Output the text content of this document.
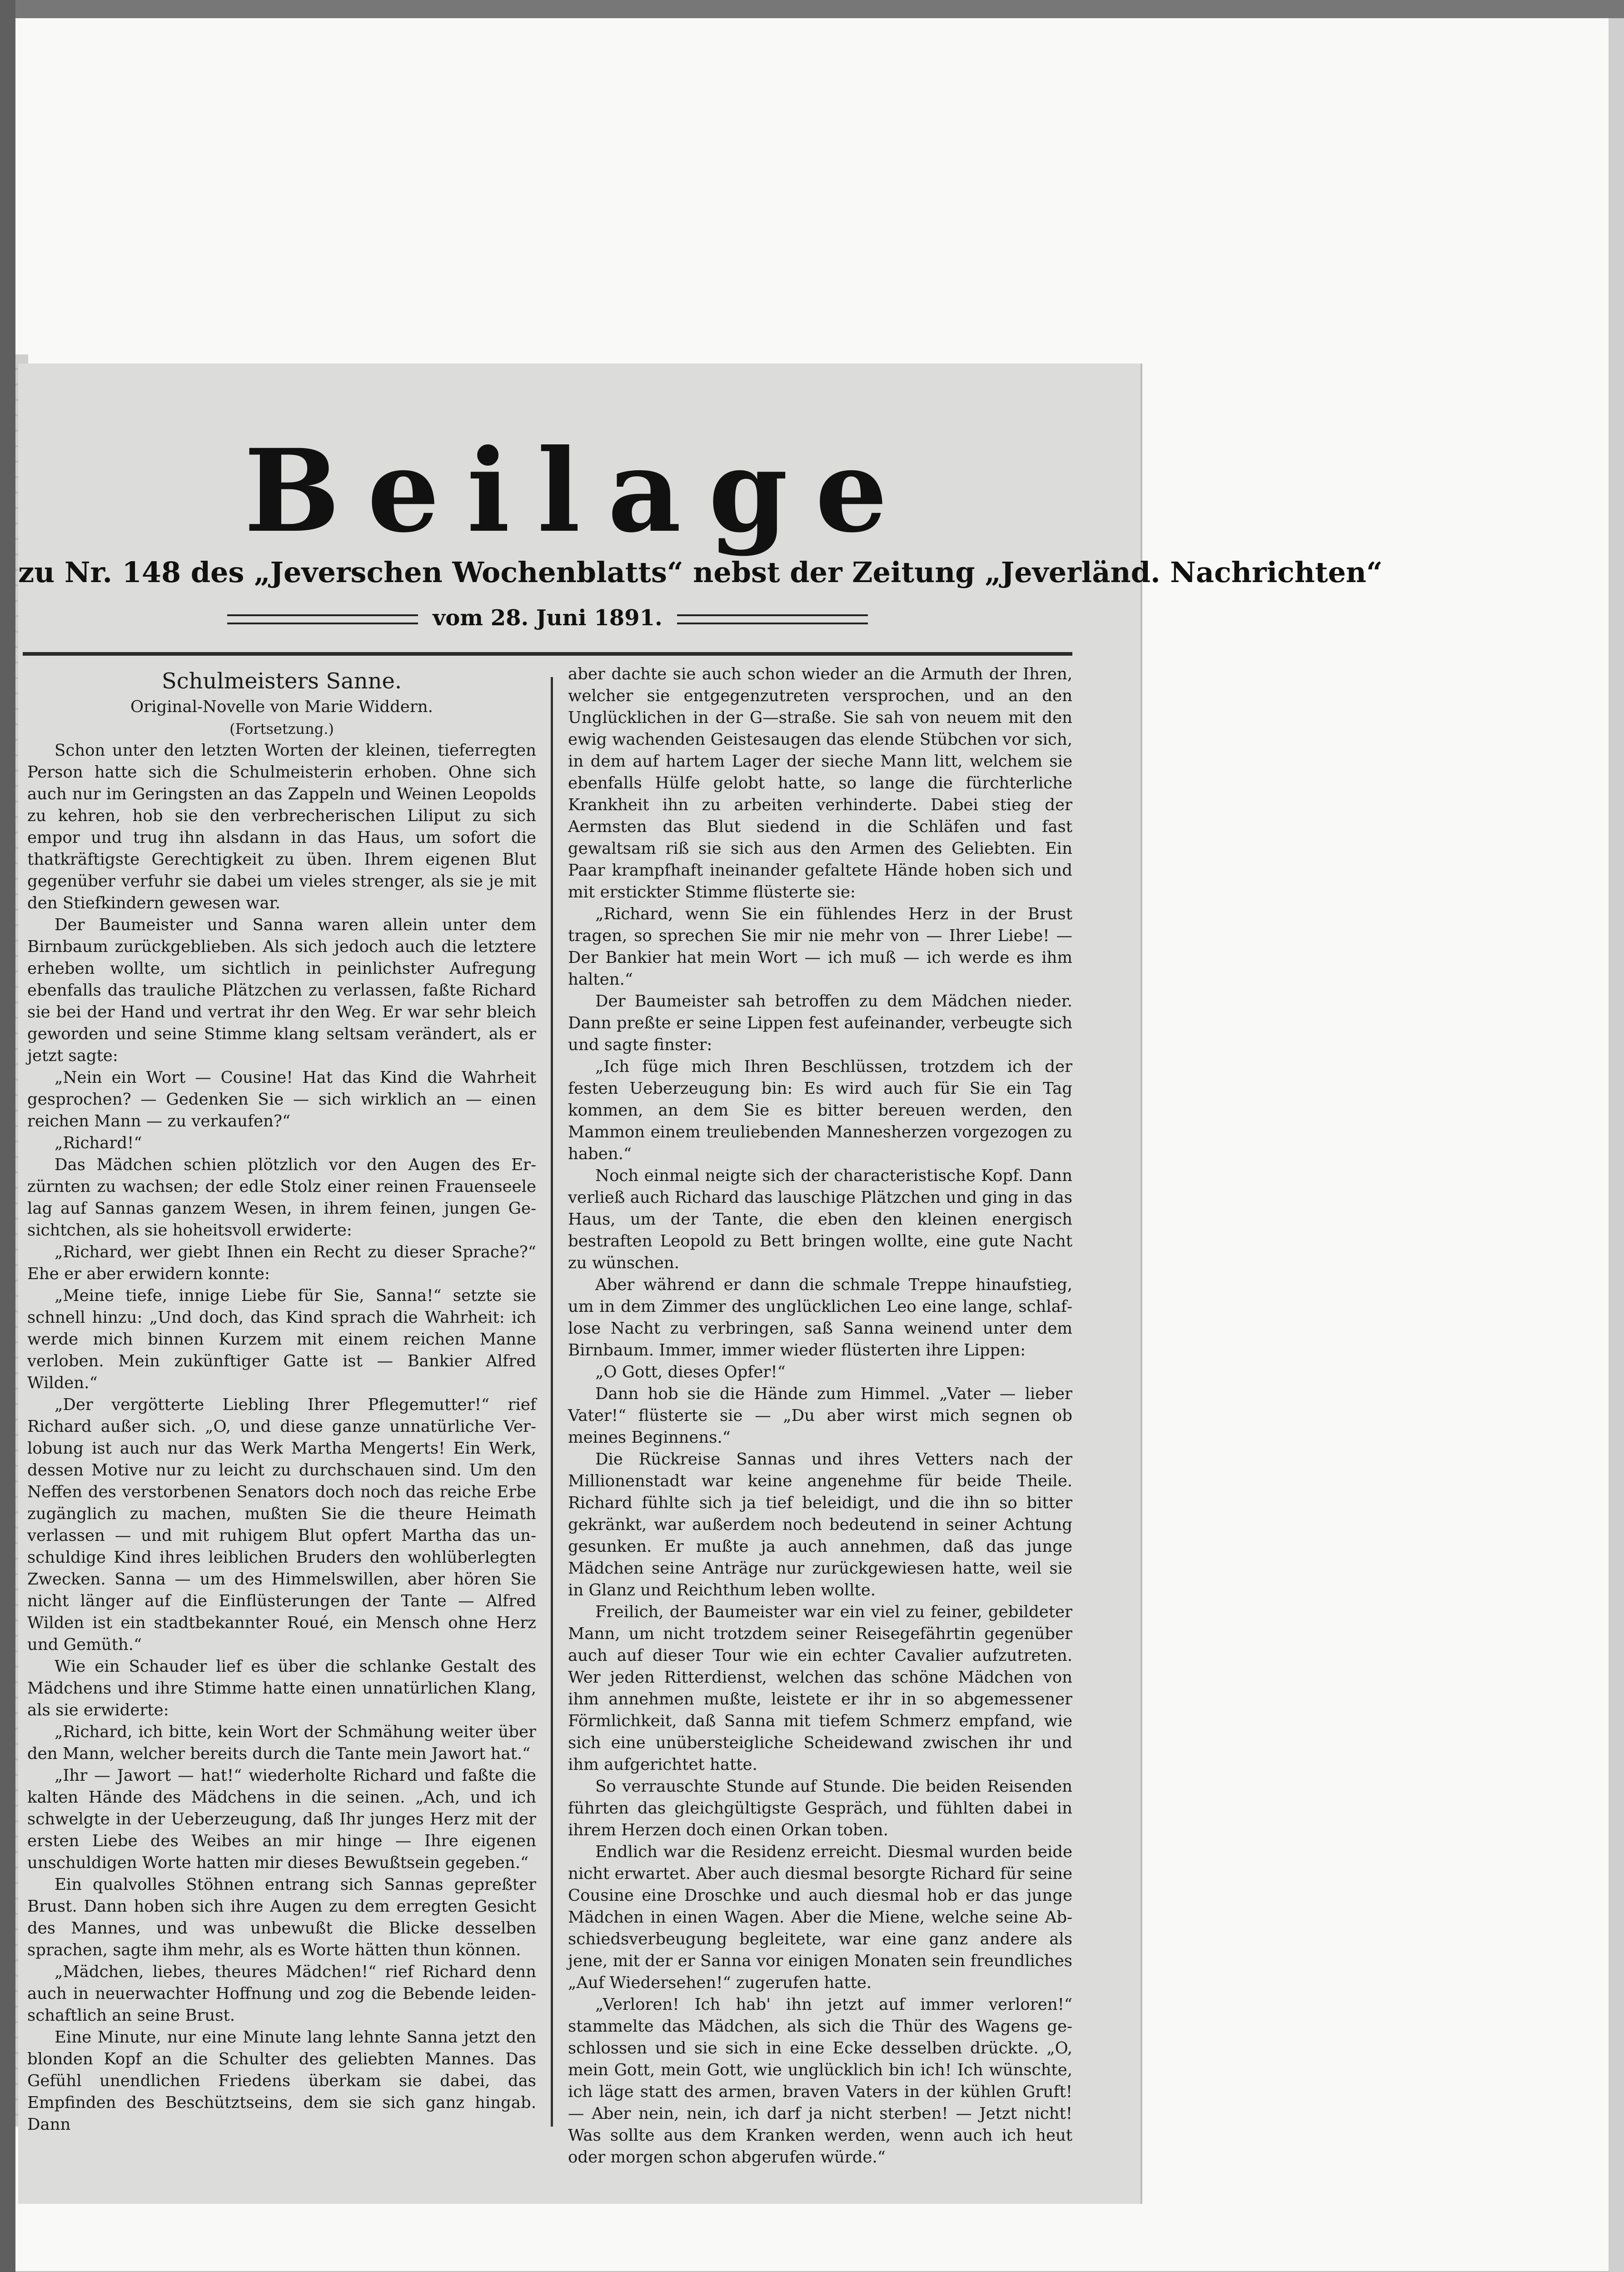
Beilage
zu Nr. 148 des „Jeverschen Wochenblatts“ nebst der Zeitung „Jeverländ. Nachrichten“
vom 28. Juni 1891.
Schulmeisters Sanne.
Original-Novelle von Marie Widdern.
(Fortsetzung.)

Schon unter den letzten Worten der kleinen, tieferregten Person hatte sich die Schulmeisterin erhoben. Ohne sich auch nur im Geringsten an das Zappeln und Weinen Leopolds zu kehren, hob sie den verbrecherischen Liliput zu sich empor und trug ihn alsdann in das Haus, um sofort die thatkräftigste Gerechtigkeit zu üben. Ihrem eigenen Blut gegenüber verfuhr sie dabei um vieles strenger, als sie je mit den Stiefkindern gewesen war.

Der Baumeister und Sanna waren allein unter dem Birnbaum zurückgeblieben. Als sich jedoch auch die letztere erheben wollte, um sichtlich in peinlichster Aufregung ebenfalls das trauliche Plätzchen zu verlassen, faßte Richard sie bei der Hand und vertrat ihr den Weg. Er war sehr bleich geworden und seine Stimme klang seltsam verändert, als er jetzt sagte:

„Nein ein Wort — Cousine! Hat das Kind die Wahrheit gesprochen? — Gedenken Sie — sich wirklich an — einen reichen Mann — zu verkaufen?“

„Richard!“

Das Mädchen schien plötzlich vor den Augen des Erzürnten zu wachsen; der edle Stolz einer reinen Frauenseele lag auf Sannas ganzem Wesen, in ihrem feinen, jungen Gesichtchen, als sie hoheitsvoll erwiderte:

„Richard, wer giebt Ihnen ein Recht zu dieser Sprache?“ Ehe er aber erwidern konnte:

„Meine tiefe, innige Liebe für Sie, Sanna!“ setzte sie schnell hinzu: „Und doch, das Kind sprach die Wahrheit: ich werde mich binnen Kurzem mit einem reichen Manne verloben. Mein zukünftiger Gatte ist — Bankier Alfred Wilden.“

„Der vergötterte Liebling Ihrer Pflegemutter!“ rief Richard außer sich. „O, und diese ganze unnatürliche Verlobung ist auch nur das Werk Martha Mengerts! Ein Werk, dessen Motive nur zu leicht zu durchschauen sind. Um den Neffen des verstorbenen Senators doch noch das reiche Erbe zugänglich zu machen, mußten Sie die theure Heimath verlassen — und mit ruhigem Blut opfert Martha das unschuldige Kind ihres leiblichen Bruders den wohlüberlegten Zwecken. Sanna — um des Himmelswillen, aber hören Sie nicht länger auf die Einflüsterungen der Tante — Alfred Wilden ist ein stadtbekannter Roué, ein Mensch ohne Herz und Gemüth.“

Wie ein Schauder lief es über die schlanke Gestalt des Mädchens und ihre Stimme hatte einen unnatürlichen Klang, als sie erwiderte:

„Richard, ich bitte, kein Wort der Schmähung weiter über den Mann, welcher bereits durch die Tante mein Jawort hat.“

„Ihr — Jawort — hat!“ wiederholte Richard und faßte die kalten Hände des Mädchens in die seinen. „Ach, und ich schwelgte in der Ueberzeugung, daß Ihr junges Herz mit der ersten Liebe des Weibes an mir hinge — Ihre eigenen unschuldigen Worte hatten mir dieses Bewußtsein gegeben.“

Ein qualvolles Stöhnen entrang sich Sannas gepreßter Brust. Dann hoben sich ihre Augen zu dem erregten Gesicht des Mannes, und was unbewußt die Blicke desselben sprachen, sagte ihm mehr, als es Worte hätten thun können.

„Mädchen, liebes, theures Mädchen!“ rief Richard denn auch in neuerwachter Hoffnung und zog die Bebende leidenschaftlich an seine Brust.

Eine Minute, nur eine Minute lang lehnte Sanna jetzt den blonden Kopf an die Schulter des geliebten Mannes. Das Gefühl unendlichen Friedens überkam sie dabei, das Empfinden des Beschütztseins, dem sie sich ganz hingab. Dann

aber dachte sie auch schon wieder an die Armuth der Ihren, welcher sie entgegenzutreten versprochen, und an den Unglücklichen in der G—straße. Sie sah von neuem mit den ewig wachenden Geistesaugen das elende Stübchen vor sich, in dem auf hartem Lager der sieche Mann litt, welchem sie ebenfalls Hülfe gelobt hatte, so lange die fürchterliche Krankheit ihn zu arbeiten verhinderte. Dabei stieg der Aermsten das Blut siedend in die Schläfen und fast gewaltsam riß sie sich aus den Armen des Geliebten. Ein Paar krampfhaft ineinander gefaltete Hände hoben sich und mit erstickter Stimme flüsterte sie:

„Richard, wenn Sie ein fühlendes Herz in der Brust tragen, so sprechen Sie mir nie mehr von — Ihrer Liebe! — Der Bankier hat mein Wort — ich muß — ich werde es ihm halten.“

Der Baumeister sah betroffen zu dem Mädchen nieder. Dann preßte er seine Lippen fest aufeinander, verbeugte sich und sagte finster:

„Ich füge mich Ihren Beschlüssen, trotzdem ich der festen Ueberzeugung bin: Es wird auch für Sie ein Tag kommen, an dem Sie es bitter bereuen werden, den Mammon einem treuliebenden Mannesherzen vorgezogen zu haben.“

Noch einmal neigte sich der characteristische Kopf. Dann verließ auch Richard das lauschige Plätzchen und ging in das Haus, um der Tante, die eben den kleinen energisch bestraften Leopold zu Bett bringen wollte, eine gute Nacht zu wünschen.

Aber während er dann die schmale Treppe hinaufstieg, um in dem Zimmer des unglücklichen Leo eine lange, schlaflose Nacht zu verbringen, saß Sanna weinend unter dem Birnbaum. Immer, immer wieder flüsterten ihre Lippen:

„O Gott, dieses Opfer!“

Dann hob sie die Hände zum Himmel. „Vater — lieber Vater!“ flüsterte sie — „Du aber wirst mich segnen ob meines Beginnens.“

Die Rückreise Sannas und ihres Vetters nach der Millionenstadt war keine angenehme für beide Theile. Richard fühlte sich ja tief beleidigt, und die ihn so bitter gekränkt, war außerdem noch bedeutend in seiner Achtung gesunken. Er mußte ja auch annehmen, daß das junge Mädchen seine Anträge nur zurückgewiesen hatte, weil sie in Glanz und Reichthum leben wollte.

Freilich, der Baumeister war ein viel zu feiner, gebildeter Mann, um nicht trotzdem seiner Reisegefährtin gegenüber auch auf dieser Tour wie ein echter Cavalier aufzutreten. Wer jeden Ritterdienst, welchen das schöne Mädchen von ihm annehmen mußte, leistete er ihr in so abgemessener Förmlichkeit, daß Sanna mit tiefem Schmerz empfand, wie sich eine unübersteigliche Scheidewand zwischen ihr und ihm aufgerichtet hatte.

So verrauschte Stunde auf Stunde. Die beiden Reisenden führten das gleichgültigste Gespräch, und fühlten dabei in ihrem Herzen doch einen Orkan toben.

Endlich war die Residenz erreicht. Diesmal wurden beide nicht erwartet. Aber auch diesmal besorgte Richard für seine Cousine eine Droschke und auch diesmal hob er das junge Mädchen in einen Wagen. Aber die Miene, welche seine Abschiedsverbeugung begleitete, war eine ganz andere als jene, mit der er Sanna vor einigen Monaten sein freundliches „Auf Wiedersehen!“ zugerufen hatte.

„Verloren! Ich hab' ihn jetzt auf immer verloren!“ stammelte das Mädchen, als sich die Thür des Wagens geschlossen und sie sich in eine Ecke desselben drückte. „O, mein Gott, mein Gott, wie unglücklich bin ich! Ich wünschte, ich läge statt des armen, braven Vaters in der kühlen Gruft! — Aber nein, nein, ich darf ja nicht sterben! — Jetzt nicht! Was sollte aus dem Kranken werden, wenn auch ich heut oder morgen schon abgerufen würde.“
